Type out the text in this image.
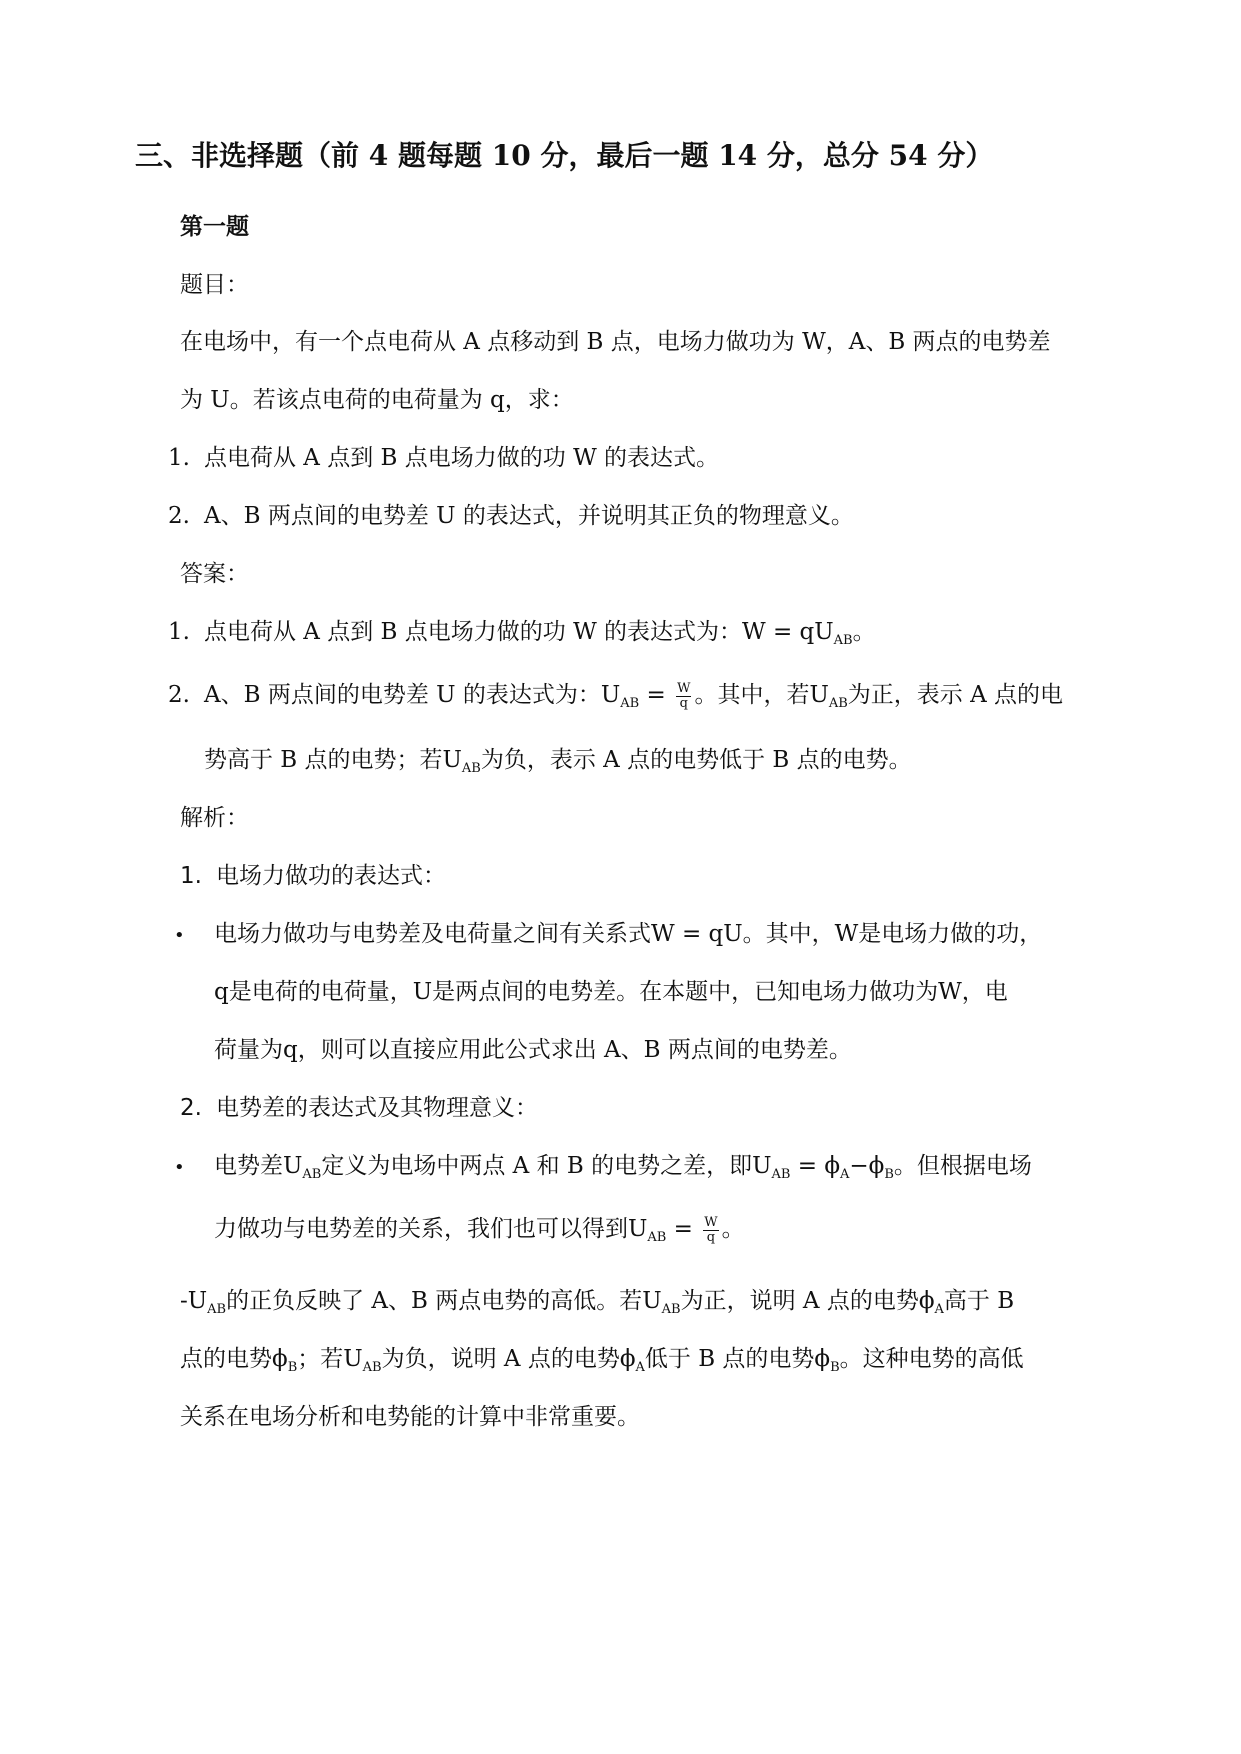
三、非选择题（前 4 题每题 10 分，最后一题 14 分，总分 54 分）
第一题
题目：
在电场中，有一个点电荷从 A 点移动到 B 点，电场力做功为 W，A、B 两点的电势差
为 U。若该点电荷的电荷量为 q，求：
1. 点电荷从 A 点到 B 点电场力做的功 W 的表达式。
2. A、B 两点间的电势差 U 的表达式，并说明其正负的物理意义。
答案：
1. 点电荷从 A 点到 B 点电场力做的功 W 的表达式为：$W = qU_{AB}$。
2. A、B 两点间的电势差 U 的表达式为：$U_{AB} = \frac{W}{q}$ 。其中，若$U_{AB}$为正，表示 A 点的电
势高于 B 点的电势；若$U_{AB}$为负，表示 A 点的电势低于 B 点的电势。
解析：
1. 电场力做功的表达式：
• 电场力做功与电势差及电荷量之间有关系式W = qU。其中，W是电场力做的功，
q是电荷的电荷量，U是两点间的电势差。在本题中，已知电场力做功为W，电
荷量为q，则可以直接应用此公式求出 A、B 两点间的电势差。
2. 电势差的表达式及其物理意义：
• 电势差$U_{AB}$定义为电场中两点 A 和 B 的电势之差，即$U_{AB} = \phi_A-\phi_B$。但根据电场
力做功与电势差的关系，我们也可以得到$U_{AB} = \frac{W}{q}$ 。
$-U_{AB}$的正负反映了 A、B 两点电势的高低。若$U_{AB}$为正，说明 A 点的电势$\phi_A$高于 B
点的电势$\phi_B$；若$U_{AB}$为负，说明 A 点的电势$\phi_A$低于 B 点的电势$\phi_B$。这种电势的高低
关系在电场分析和电势能的计算中非常重要。
